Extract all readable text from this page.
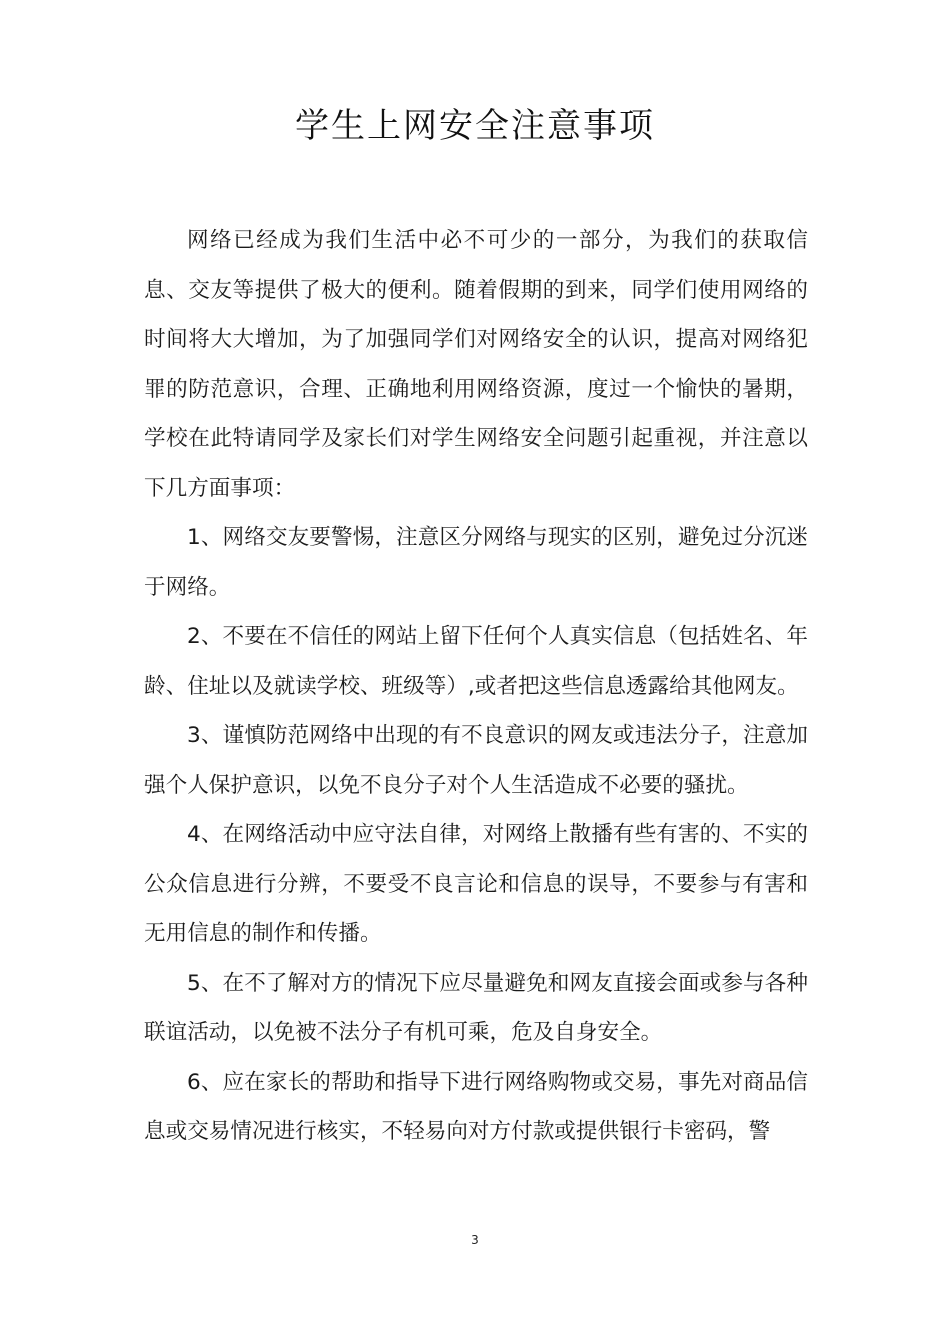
学生上网安全注意事项

网络已经成为我们生活中必不可少的一部分，为我们的获取信息、交友等提供了极大的便利。随着假期的到来，同学们使用网络的时间将大大增加，为了加强同学们对网络安全的认识，提高对网络犯罪的防范意识，合理、正确地利用网络资源，度过一个愉快的暑期，学校在此特请同学及家长们对学生网络安全问题引起重视，并注意以下几方面事项：

1、网络交友要警惕，注意区分网络与现实的区别，避免过分沉迷于网络。

2、不要在不信任的网站上留下任何个人真实信息（包括姓名、年龄、住址以及就读学校、班级等）,或者把这些信息透露给其他网友。

3、谨慎防范网络中出现的有不良意识的网友或违法分子，注意加强个人保护意识，以免不良分子对个人生活造成不必要的骚扰。

4、在网络活动中应守法自律，对网络上散播有些有害的、不实的公众信息进行分辨，不要受不良言论和信息的误导，不要参与有害和无用信息的制作和传播。

5、在不了解对方的情况下应尽量避免和网友直接会面或参与各种联谊活动，以免被不法分子有机可乘，危及自身安全。

6、应在家长的帮助和指导下进行网络购物或交易，事先对商品信息或交易情况进行核实，不轻易向对方付款或提供银行卡密码，警

3
